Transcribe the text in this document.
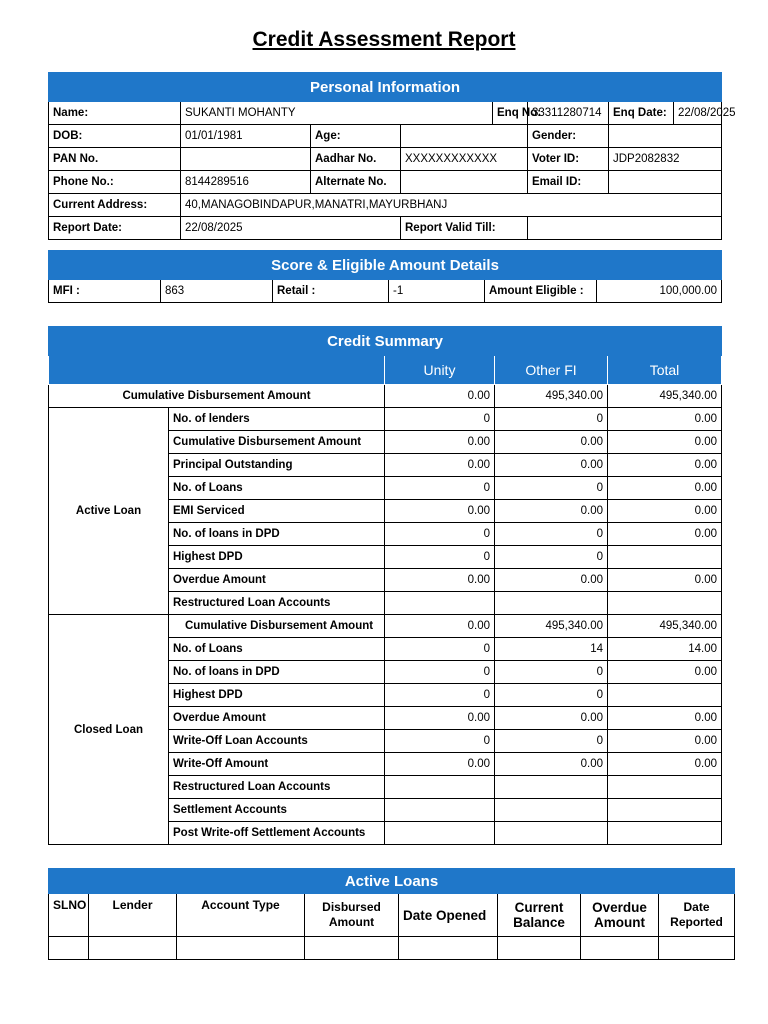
Credit Assessment Report
Personal Information							
Name:	SUKANTI MOHANTY			Enq No:	33311280714	Enq Date:	22/08/2025
DOB:	01/01/1981	Age:			Gender:		
PAN No.		Aadhar No.	XXXXXXXXXXXX		Voter ID:	JDP2082832	
Phone No.:	8144289516	Alternate No.			Email ID:		
Current Address:	40,MANAGOBINDAPUR,MANATRI,MAYURBHANJ						
Report Date:	22/08/2025		Report Valid Till:				
Score & Eligible Amount Details
MFI :	863	Retail :	-1	Amount Eligible :	100,000.00
Credit Summary				
		Unity	Other FI	Total
Cumulative Disbursement Amount		0.00	495,340.00	495,340.00
Active Loan	No. of lenders	0	0	0.00
	Cumulative Disbursement Amount	0.00	0.00	0.00
	Principal Outstanding	0.00	0.00	0.00
	No. of Loans	0	0	0.00
	EMI Serviced	0.00	0.00	0.00
	No. of loans in DPD	0	0	0.00
	Highest DPD	0	0	
	Overdue Amount	0.00	0.00	0.00
	Restructured Loan Accounts			
Closed Loan	Cumulative Disbursement Amount	0.00	495,340.00	495,340.00
	No. of Loans	0	14	14.00
	No. of loans in DPD	0	0	0.00
	Highest DPD	0	0	
	Overdue Amount	0.00	0.00	0.00
	Write-Off Loan Accounts	0	0	0.00
	Write-Off Amount	0.00	0.00	0.00
	Restructured Loan Accounts			
	Settlement Accounts			
	Post Write-off Settlement Accounts			
Active Loans							
SLNO	Lender	Account Type	Disbursed Amount	Date Opened	Current Balance	Overdue Amount	Date Reported
